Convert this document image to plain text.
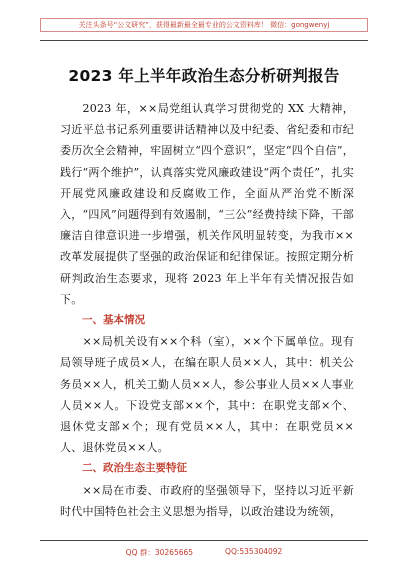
关注头条号“公文研究”，获得最新最全最专业的公文资料库！ 微信：gongwenyj
2023 年上半年政治生态分析研判报告

2023 年，××局党组认真学习贯彻党的 XX 大精神，习近平总书记系列重要讲话精神以及中纪委、省纪委和市纪委历次全会精神，牢固树立“四个意识”，坚定“四个自信”，践行“两个维护”，认真落实党风廉政建设“两个责任”，扎实开展党风廉政建设和反腐败工作，全面从严治党不断深入，“四风”问题得到有效遏制，“三公”经费持续下降，干部廉洁自律意识进一步增强，机关作风明显转变，为我市××改革发展提供了坚强的政治保证和纪律保证。按照定期分析研判政治生态要求，现将 2023 年上半年有关情况报告如下。

一、基本情况

××局机关设有××个科（室），××个下属单位。现有局领导班子成员×人，在编在职人员××人，其中：机关公务员××人，机关工勤人员××人，参公事业人员××人事业人员××人。下设党支部××个，其中：在职党支部×个、退休党支部×个；现有党员××人，其中：在职党员××人、退休党员××人。

二、政治生态主要特征

××局在市委、市政府的坚强领导下，坚持以习近平新时代中国特色社会主义思想为指导，以政治建设为统领，

QQ 群：30265665	QQ:535304092
